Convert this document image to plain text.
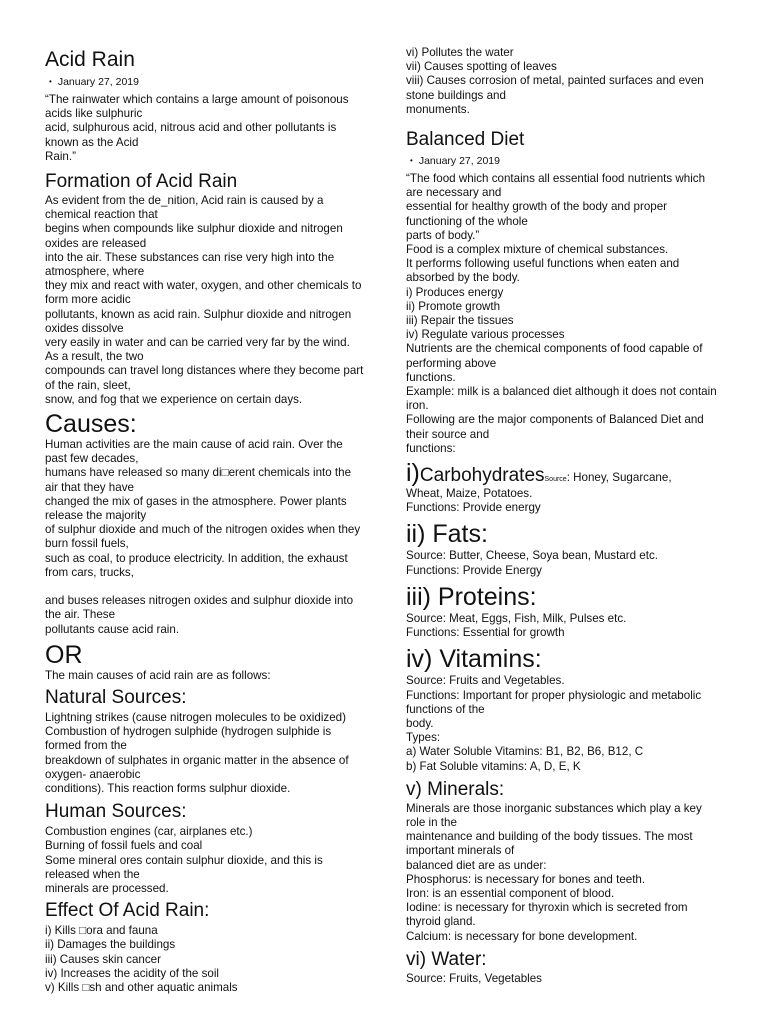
Acid Rain

• January 27, 2019

“The rainwater which contains a large amount of poisonous acids like sulphuric
acid, sulphurous acid, nitrous acid and other pollutants is known as the Acid
Rain.”

Formation of Acid Rain

As evident from the de_nition, Acid rain is caused by a chemical reaction that
begins when compounds like sulphur dioxide and nitrogen oxides are released
into the air. These substances can rise very high into the atmosphere, where
they mix and react with water, oxygen, and other chemicals to form more acidic
pollutants, known as acid rain. Sulphur dioxide and nitrogen oxides dissolve
very easily in water and can be carried very far by the wind. As a result, the two
compounds can travel long distances where they become part of the rain, sleet,
snow, and fog that we experience on certain days.

Causes:

Human activities are the main cause of acid rain. Over the past few decades,
humans have released so many di□erent chemicals into the air that they have
changed the mix of gases in the atmosphere. Power plants release the majority
of sulphur dioxide and much of the nitrogen oxides when they burn fossil fuels,
such as coal, to produce electricity. In addition, the exhaust from cars, trucks,

and buses releases nitrogen oxides and sulphur dioxide into the air. These
pollutants cause acid rain.

OR

The main causes of acid rain are as follows:

Natural Sources:

Lightning strikes (cause nitrogen molecules to be oxidized)
Combustion of hydrogen sulphide (hydrogen sulphide is formed from the
breakdown of sulphates in organic matter in the absence of oxygen- anaerobic
conditions). This reaction forms sulphur dioxide.

Human Sources:

Combustion engines (car, airplanes etc.)
Burning of fossil fuels and coal
Some mineral ores contain sulphur dioxide, and this is released when the
minerals are processed.

Effect Of Acid Rain:

i) Kills □ora and fauna
ii) Damages the buildings
iii) Causes skin cancer
iv) Increases the acidity of the soil
v) Kills □sh and other aquatic animals

vi) Pollutes the water
vii) Causes spotting of leaves
viii) Causes corrosion of metal, painted surfaces and even stone buildings and
monuments.

Balanced Diet

• January 27, 2019

“The food which contains all essential food nutrients which are necessary and
essential for healthy growth of the body and proper functioning of the whole
parts of body.”

Food is a complex mixture of chemical substances.
It performs following useful functions when eaten and absorbed by the body.
i) Produces energy
ii) Promote growth
iii) Repair the tissues
iv) Regulate various processes
Nutrients are the chemical components of food capable of performing above
functions.
Example: milk is a balanced diet although it does not contain iron.
Following are the major components of Balanced Diet and their source and
functions:

i)CarbohydratesSource: Honey, Sugarcane,

Wheat, Maize, Potatoes.
Functions: Provide energy

ii) Fats:

Source: Butter, Cheese, Soya bean, Mustard etc.
Functions: Provide Energy

iii) Proteins:

Source: Meat, Eggs, Fish, Milk, Pulses etc.
Functions: Essential for growth

iv) Vitamins:

Source: Fruits and Vegetables.
Functions: Important for proper physiologic and metabolic functions of the
body.
Types:
a) Water Soluble Vitamins: B1, B2, B6, B12, C
b) Fat Soluble vitamins: A, D, E, K

v) Minerals:

Minerals are those inorganic substances which play a key role in the
maintenance and building of the body tissues. The most important minerals of
balanced diet are as under:
Phosphorus: is necessary for bones and teeth.
Iron: is an essential component of blood.
Iodine: is necessary for thyroxin which is secreted from thyroid gland.
Calcium: is necessary for bone development.

vi) Water:

Source: Fruits, Vegetables
